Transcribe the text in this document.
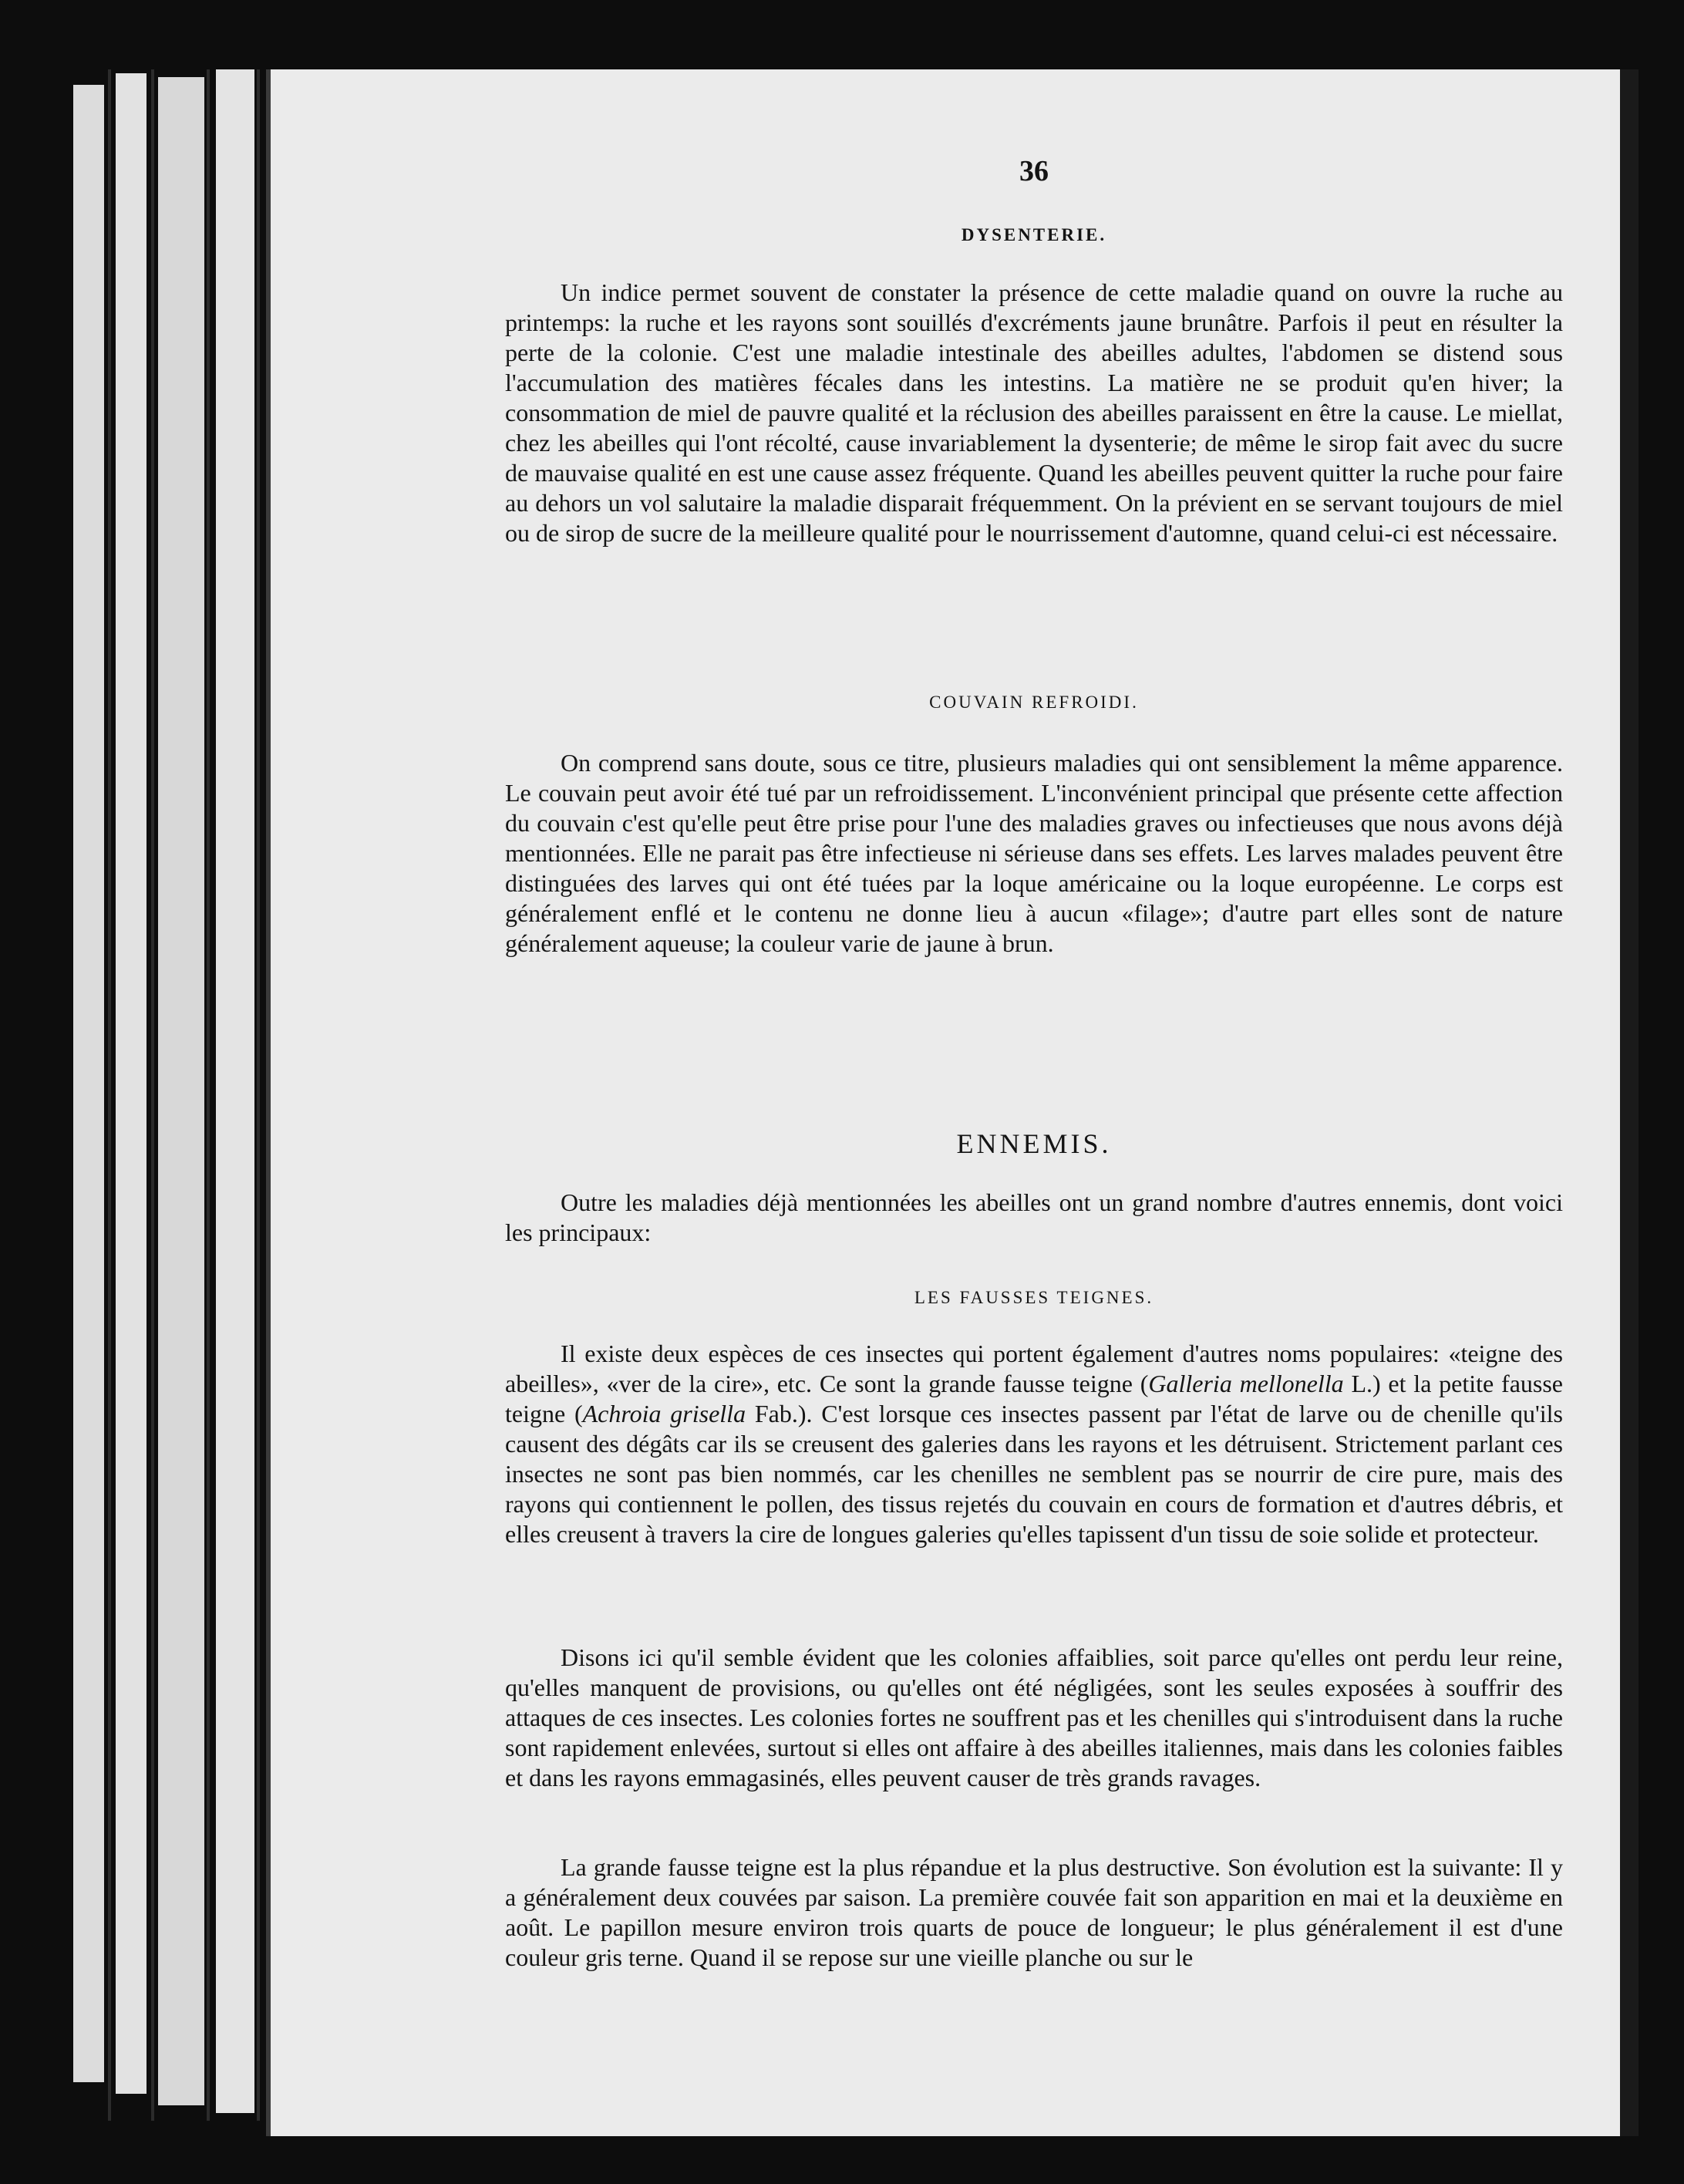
36
DYSENTERIE.

Un indice permet souvent de constater la présence de cette maladie quand on ouvre la ruche au printemps: la ruche et les rayons sont souillés d'excréments jaune brunâtre. Parfois il peut en résulter la perte de la colonie. C'est une maladie intestinale des abeilles adultes, l'abdomen se distend sous l'accumulation des matières fécales dans les intestins. La matière ne se produit qu'en hiver; la consommation de miel de pauvre qualité et la réclusion des abeilles paraissent en être la cause. Le miellat, chez les abeilles qui l'ont récolté, cause invariablement la dysenterie; de même le sirop fait avec du sucre de mauvaise qualité en est une cause assez fréquente. Quand les abeilles peuvent quitter la ruche pour faire au dehors un vol salutaire la maladie disparait fréquemment. On la prévient en se servant toujours de miel ou de sirop de sucre de la meilleure qualité pour le nourrissement d'automne, quand celui-ci est nécessaire.

COUVAIN REFROIDI.

On comprend sans doute, sous ce titre, plusieurs maladies qui ont sensiblement la même apparence. Le couvain peut avoir été tué par un refroidissement. L'inconvénient principal que présente cette affection du couvain c'est qu'elle peut être prise pour l'une des maladies graves ou infectieuses que nous avons déjà mentionnées. Elle ne parait pas être infectieuse ni sérieuse dans ses effets. Les larves malades peuvent être distinguées des larves qui ont été tuées par la loque américaine ou la loque européenne. Le corps est généralement enflé et le contenu ne donne lieu à aucun «filage»; d'autre part elles sont de nature généralement aqueuse; la couleur varie de jaune à brun.

ENNEMIS.

Outre les maladies déjà mentionnées les abeilles ont un grand nombre d'autres ennemis, dont voici les principaux:

LES FAUSSES TEIGNES.

Il existe deux espèces de ces insectes qui portent également d'autres noms populaires: «teigne des abeilles», «ver de la cire», etc. Ce sont la grande fausse teigne (Galleria mellonella L.) et la petite fausse teigne (Achroia grisella Fab.). C'est lorsque ces insectes passent par l'état de larve ou de chenille qu'ils causent des dégâts car ils se creusent des galeries dans les rayons et les détruisent. Strictement parlant ces insectes ne sont pas bien nommés, car les chenilles ne semblent pas se nourrir de cire pure, mais des rayons qui contiennent le pollen, des tissus rejetés du couvain en cours de formation et d'autres débris, et elles creusent à travers la cire de longues galeries qu'elles tapissent d'un tissu de soie solide et protecteur.

Disons ici qu'il semble évident que les colonies affaiblies, soit parce qu'elles ont perdu leur reine, qu'elles manquent de provisions, ou qu'elles ont été négligées, sont les seules exposées à souffrir des attaques de ces insectes. Les colonies fortes ne souffrent pas et les chenilles qui s'introduisent dans la ruche sont rapidement enlevées, surtout si elles ont affaire à des abeilles italiennes, mais dans les colonies faibles et dans les rayons emmagasinés, elles peuvent causer de très grands ravages.

La grande fausse teigne est la plus répandue et la plus destructive. Son évolution est la suivante: Il y a généralement deux couvées par saison. La première couvée fait son apparition en mai et la deuxième en août. Le papillon mesure environ trois quarts de pouce de longueur; le plus généralement il est d'une couleur gris terne. Quand il se repose sur une vieille planche ou sur le
